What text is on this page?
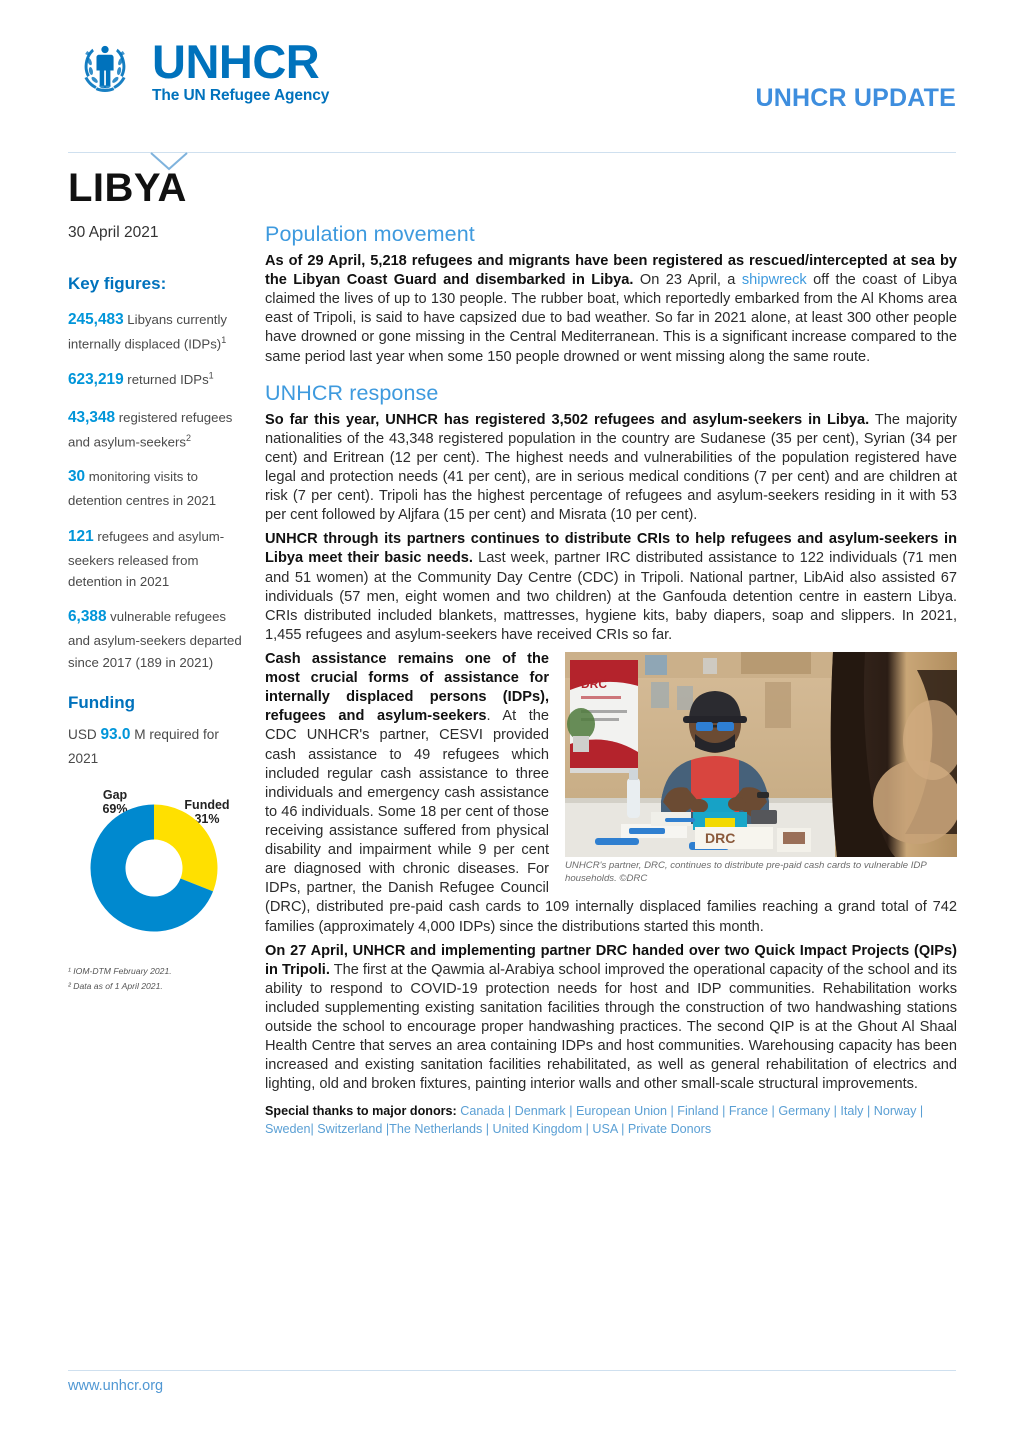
UNHCR
The UN Refugee Agency	UNHCR UPDATE
LIBYA
30 April 2021
Key figures:
245,483 Libyans currently internally displaced (IDPs)$^1$
623,219 returned IDPs$^1$
43,348 registered refugees and asylum-seekers$^2$
30 monitoring visits to detention centres in 2021
121 refugees and asylum-seekers released from detention in 2021
6,388 vulnerable refugees and asylum-seekers departed since 2017 (189 in 2021)
Funding
USD 93.0 M required for 2021
Gap
69%	Funded
31%
¹ IOM-DTM February 2021.
² Data as of 1 April 2021.
Population movement

As of 29 April, 5,218 refugees and migrants have been registered as rescued/intercepted at sea by the Libyan Coast Guard and disembarked in Libya. On 23 April, a shipwreck off the coast of Libya claimed the lives of up to 130 people. The rubber boat, which reportedly embarked from the Al Khoms area east of Tripoli, is said to have capsized due to bad weather. So far in 2021 alone, at least 300 other people have drowned or gone missing in the Central Mediterranean. This is a significant increase compared to the same period last year when some 150 people drowned or went missing along the same route.

UNHCR response

So far this year, UNHCR has registered 3,502 refugees and asylum-seekers in Libya. The majority nationalities of the 43,348 registered population in the country are Sudanese (35 per cent), Syrian (34 per cent) and Eritrean (12 per cent). The highest needs and vulnerabilities of the population registered have legal and protection needs (41 per cent), are in serious medical conditions (7 per cent) and are children at risk (7 per cent). Tripoli has the highest percentage of refugees and asylum-seekers residing in it with 53 per cent followed by Aljfara (15 per cent) and Misrata (10 per cent).

UNHCR through its partners continues to distribute CRIs to help refugees and asylum-seekers in Libya meet their basic needs. Last week, partner IRC distributed assistance to 122 individuals (71 men and 51 women) at the Community Day Centre (CDC) in Tripoli. National partner, LibAid also assisted 67 individuals (57 men, eight women and two children) at the Ganfouda detention centre in eastern Libya. CRIs distributed included blankets, mattresses, hygiene kits, baby diapers, soap and slippers. In 2021, 1,455 refugees and asylum-seekers have received CRIs so far.

DRC
DRC
UNHCR's partner, DRC, continues to distribute pre-paid cash cards to vulnerable IDP households. ©DRC

Cash assistance remains one of the most crucial forms of assistance for internally displaced persons (IDPs), refugees and asylum-seekers. At the CDC UNHCR's partner, CESVI provided cash assistance to 49 refugees which included regular cash assistance to three individuals and emergency cash assistance to 46 individuals. Some 18 per cent of those receiving assistance suffered from physical disability and impairment while 9 per cent are diagnosed with chronic diseases. For IDPs, partner, the Danish Refugee Council (DRC), distributed pre-paid cash cards to 109 internally displaced families reaching a grand total of 742 families (approximately 4,000 IDPs) since the distributions started this month.

On 27 April, UNHCR and implementing partner DRC handed over two Quick Impact Projects (QIPs) in Tripoli. The first at the Qawmia al-Arabiya school improved the operational capacity of the school and its ability to respond to COVID-19 protection needs for host and IDP communities. Rehabilitation works included supplementing existing sanitation facilities through the construction of two handwashing stations outside the school to encourage proper handwashing practices. The second QIP is at the Ghout Al Shaal Health Centre that serves an area containing IDPs and host communities. Warehousing capacity has been increased and existing sanitation facilities rehabilitated, as well as general rehabilitation of electrics and lighting, old and broken fixtures, painting interior walls and other small-scale structural improvements.

Special thanks to major donors: Canada | Denmark | European Union | Finland | France | Germany | Italy | Norway | Sweden| Switzerland |The Netherlands | United Kingdom | USA | Private Donors
www.unhcr.org
